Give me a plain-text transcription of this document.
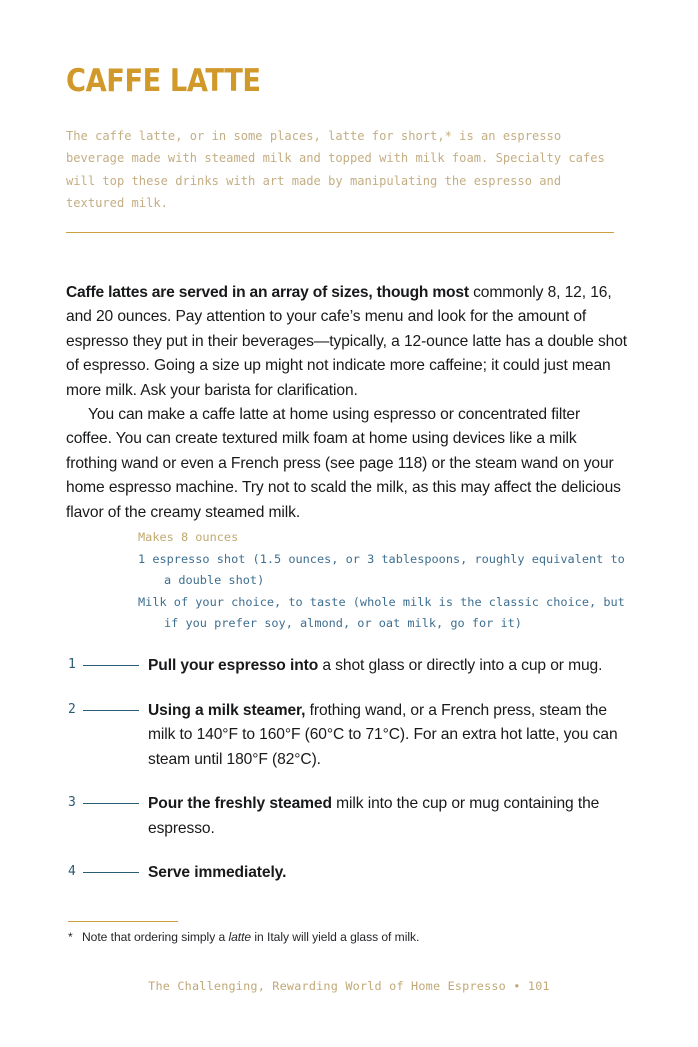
CAFFE LATTE

The caffe latte, or in some places, latte for short,* is an espresso beverage made with steamed milk and topped with milk foam. Specialty cafes will top these drinks with art made by manipulating the espresso and textured milk.

Caffe lattes are served in an array of sizes, though most commonly 8, 12, 16, and 20 ounces. Pay attention to your cafe’s menu and look for the amount of espresso they put in their beverages—typically, a 12-ounce latte has a double shot of espresso. Going a size up might not indicate more caffeine; it could just mean more milk. Ask your barista for clarification.

You can make a caffe latte at home using espresso or concentrated filter coffee. You can create textured milk foam at home using devices like a milk frothing wand or even a French press (see page 118) or the steam wand on your home espresso machine. Try not to scald the milk, as this may affect the delicious flavor of the creamy steamed milk.

Makes 8 ounces

1 espresso shot (1.5 ounces, or 3 tablespoons, roughly equivalent to a double shot)

Milk of your choice, to taste (whole milk is the classic choice, but if you prefer soy, almond, or oat milk, go for it)

1	Pull your espresso into a shot glass or directly into a cup or mug.

2	Using a milk steamer, frothing wand, or a French press, steam the milk to 140°F to 160°F (60°C to 71°C). For an extra hot latte, you can steam until 180°F (82°C).

3	Pour the freshly steamed milk into the cup or mug containing the espresso.

4	Serve immediately.

* Note that ordering simply a latte in Italy will yield a glass of milk.

The Challenging, Rewarding World of Home Espresso • 101
